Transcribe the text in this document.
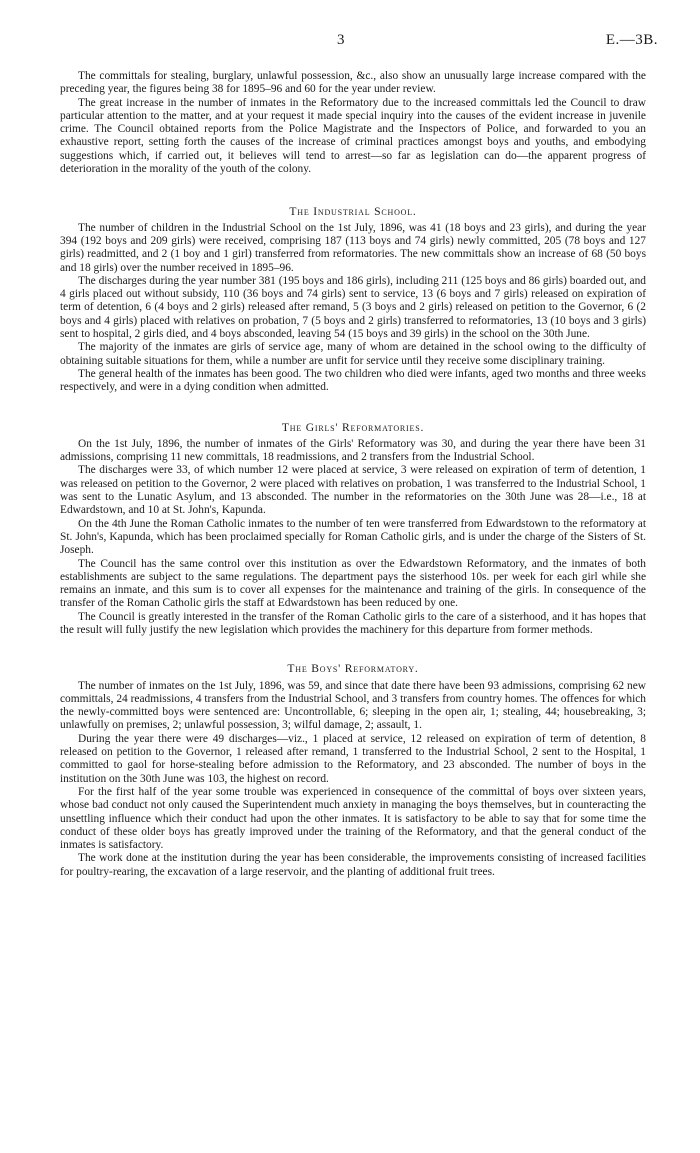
3	E.—3B.

The committals for stealing, burglary, unlawful possession, &c., also show an unusually large increase compared with the preceding year, the figures being 38 for 1895–96 and 60 for the year under review.

The great increase in the number of inmates in the Reformatory due to the increased committals led the Council to draw particular attention to the matter, and at your request it made special inquiry into the causes of the evident increase in juvenile crime. The Council obtained reports from the Police Magistrate and the Inspectors of Police, and forwarded to you an exhaustive report, setting forth the causes of the increase of criminal practices amongst boys and youths, and embodying suggestions which, if carried out, it believes will tend to arrest—so far as legislation can do—the apparent progress of deterioration in the morality of the youth of the colony.

The Industrial School.

The number of children in the Industrial School on the 1st July, 1896, was 41 (18 boys and 23 girls), and during the year 394 (192 boys and 209 girls) were received, comprising 187 (113 boys and 74 girls) newly committed, 205 (78 boys and 127 girls) readmitted, and 2 (1 boy and 1 girl) transferred from reformatories. The new committals show an increase of 68 (50 boys and 18 girls) over the number received in 1895–96.

The discharges during the year number 381 (195 boys and 186 girls), including 211 (125 boys and 86 girls) boarded out, and 4 girls placed out without subsidy, 110 (36 boys and 74 girls) sent to service, 13 (6 boys and 7 girls) released on expiration of term of detention, 6 (4 boys and 2 girls) released after remand, 5 (3 boys and 2 girls) released on petition to the Governor, 6 (2 boys and 4 girls) placed with relatives on probation, 7 (5 boys and 2 girls) transferred to reformatories, 13 (10 boys and 3 girls) sent to hospital, 2 girls died, and 4 boys absconded, leaving 54 (15 boys and 39 girls) in the school on the 30th June.

The majority of the inmates are girls of service age, many of whom are detained in the school owing to the difficulty of obtaining suitable situations for them, while a number are unfit for service until they receive some disciplinary training.

The general health of the inmates has been good. The two children who died were infants, aged two months and three weeks respectively, and were in a dying condition when admitted.

The Girls' Reformatories.

On the 1st July, 1896, the number of inmates of the Girls' Reformatory was 30, and during the year there have been 31 admissions, comprising 11 new committals, 18 readmissions, and 2 transfers from the Industrial School.

The discharges were 33, of which number 12 were placed at service, 3 were released on expiration of term of detention, 1 was released on petition to the Governor, 2 were placed with relatives on probation, 1 was transferred to the Industrial School, 1 was sent to the Lunatic Asylum, and 13 absconded. The number in the reformatories on the 30th June was 28—i.e., 18 at Edwardstown, and 10 at St. John's, Kapunda.

On the 4th June the Roman Catholic inmates to the number of ten were transferred from Edwardstown to the reformatory at St. John's, Kapunda, which has been proclaimed specially for Roman Catholic girls, and is under the charge of the Sisters of St. Joseph.

The Council has the same control over this institution as over the Edwardstown Reformatory, and the inmates of both establishments are subject to the same regulations. The department pays the sisterhood 10s. per week for each girl while she remains an inmate, and this sum is to cover all expenses for the maintenance and training of the girls. In consequence of the transfer of the Roman Catholic girls the staff at Edwardstown has been reduced by one.

The Council is greatly interested in the transfer of the Roman Catholic girls to the care of a sisterhood, and it has hopes that the result will fully justify the new legislation which provides the machinery for this departure from former methods.

The Boys' Reformatory.

The number of inmates on the 1st July, 1896, was 59, and since that date there have been 93 admissions, comprising 62 new committals, 24 readmissions, 4 transfers from the Industrial School, and 3 transfers from country homes. The offences for which the newly-committed boys were sentenced are: Uncontrollable, 6; sleeping in the open air, 1; stealing, 44; housebreaking, 3; unlawfully on premises, 2; unlawful possession, 3; wilful damage, 2; assault, 1.

During the year there were 49 discharges—viz., 1 placed at service, 12 released on expiration of term of detention, 8 released on petition to the Governor, 1 released after remand, 1 transferred to the Industrial School, 2 sent to the Hospital, 1 committed to gaol for horse-stealing before admission to the Reformatory, and 23 absconded. The number of boys in the institution on the 30th June was 103, the highest on record.

For the first half of the year some trouble was experienced in consequence of the committal of boys over sixteen years, whose bad conduct not only caused the Superintendent much anxiety in managing the boys themselves, but in counteracting the unsettling influence which their conduct had upon the other inmates. It is satisfactory to be able to say that for some time the conduct of these older boys has greatly improved under the training of the Reformatory, and that the general conduct of the inmates is satisfactory.

The work done at the institution during the year has been considerable, the improvements consisting of increased facilities for poultry-rearing, the excavation of a large reservoir, and the planting of additional fruit trees.
